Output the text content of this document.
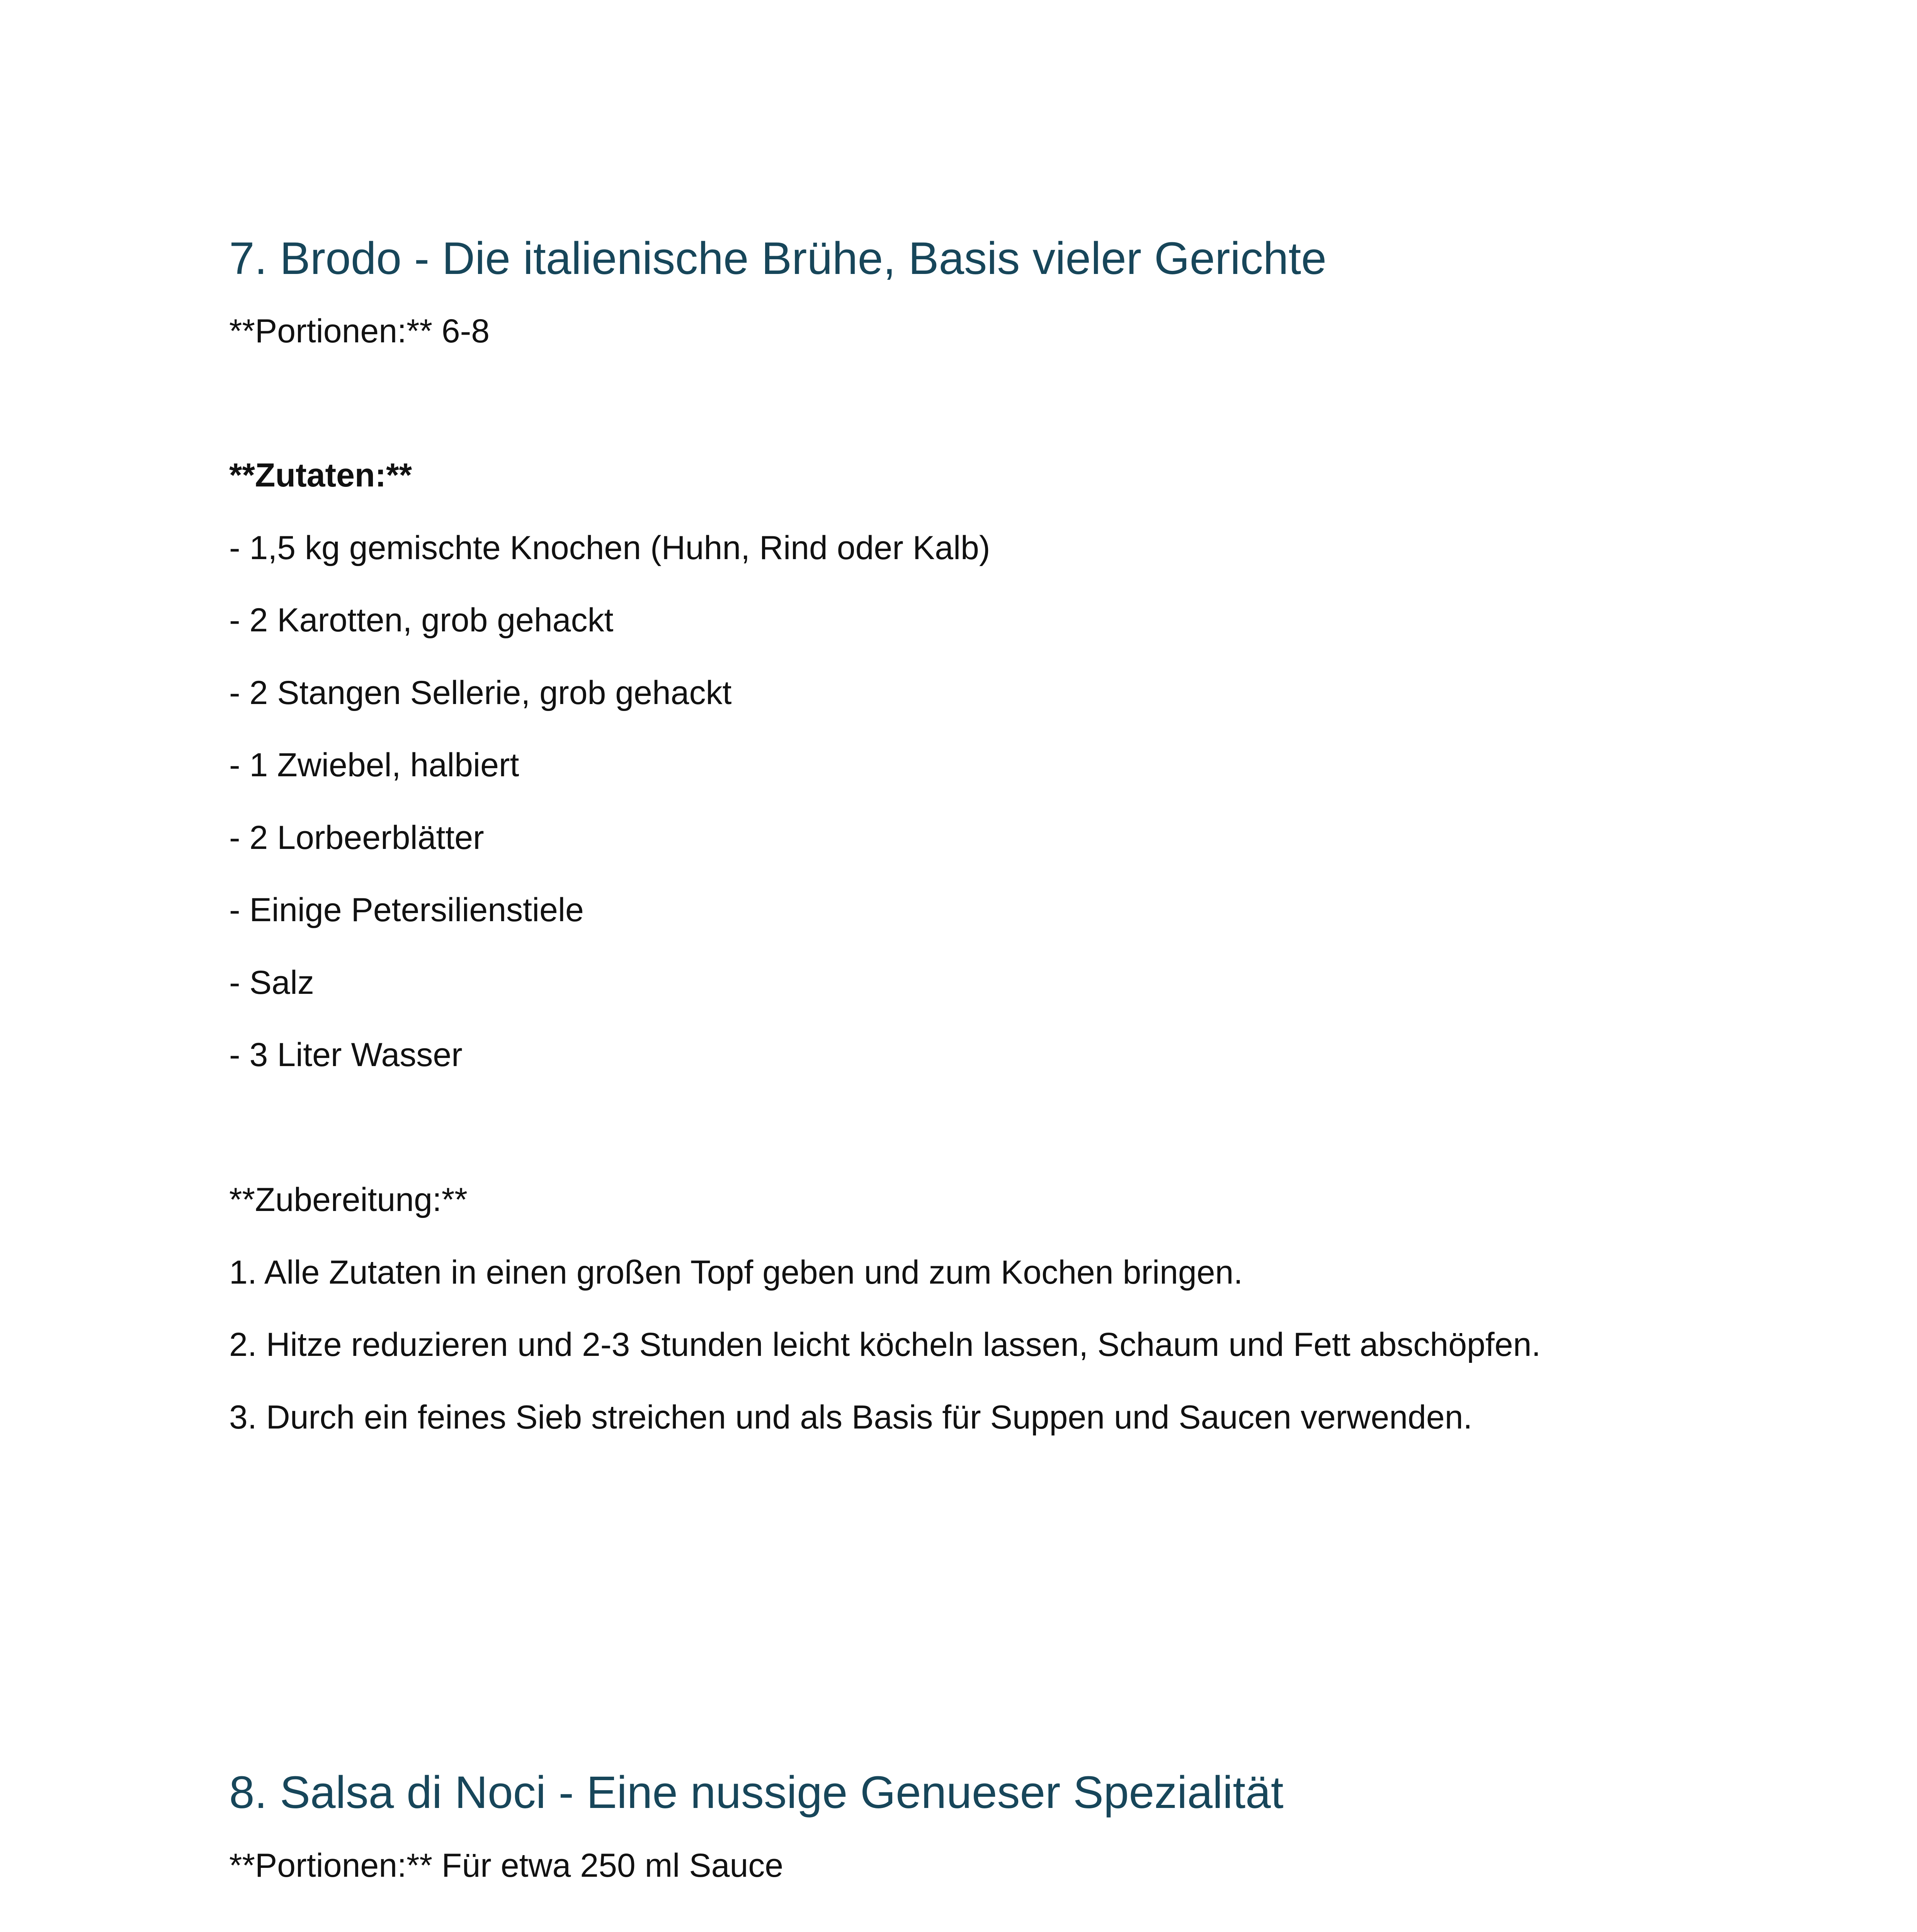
7. Brodo - Die italienische Brühe, Basis vieler Gerichte

**Portionen:** 6-8

**Zutaten:**

- 1,5 kg gemischte Knochen (Huhn, Rind oder Kalb)

- 2 Karotten, grob gehackt

- 2 Stangen Sellerie, grob gehackt

- 1 Zwiebel, halbiert

- 2 Lorbeerblätter

- Einige Petersilienstiele

- Salz

- 3 Liter Wasser

**Zubereitung:**

1. Alle Zutaten in einen großen Topf geben und zum Kochen bringen.

2. Hitze reduzieren und 2-3 Stunden leicht köcheln lassen, Schaum und Fett abschöpfen.

3. Durch ein feines Sieb streichen und als Basis für Suppen und Saucen verwenden.

8. Salsa di Noci - Eine nussige Genueser Spezialität

**Portionen:** Für etwa 250 ml Sauce
